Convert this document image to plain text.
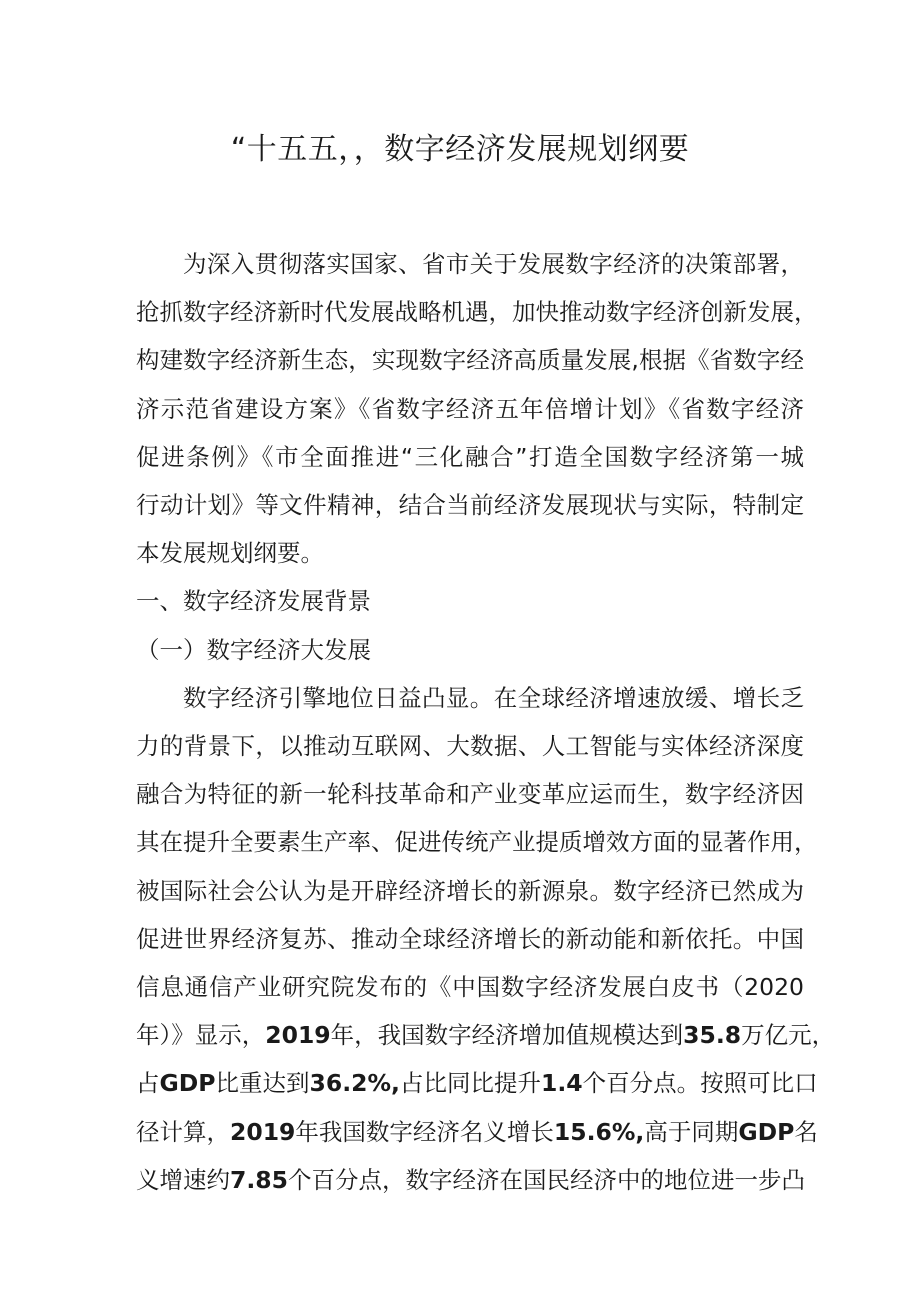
“十五五，，数字经济发展规划纲要

为深入贯彻落实国家、省市关于发展数字经济的决策部署，
抢抓数字经济新时代发展战略机遇，加快推动数字经济创新发展，
构建数字经济新生态，实现数字经济高质量发展,根据《省数字经
济示范省建设方案》《省数字经济五年倍增计划》《省数字经济
促进条例》《市全面推进“三化融合”打造全国数字经济第一城
行动计划》等文件精神，结合当前经济发展现状与实际，特制定
本发展规划纲要。

一、数字经济发展背景

（一）数字经济大发展

数字经济引擎地位日益凸显。在全球经济增速放缓、增长乏
力的背景下，以推动互联网、大数据、人工智能与实体经济深度
融合为特征的新一轮科技革命和产业变革应运而生，数字经济因
其在提升全要素生产率、促进传统产业提质增效方面的显著作用，
被国际社会公认为是开辟经济增长的新源泉。数字经济已然成为
促进世界经济复苏、推动全球经济增长的新动能和新依托。中国
信息通信产业研究院发布的《中国数字经济发展白皮书（2020
年）》显示，2019年，我国数字经济增加值规模达到35.8万亿元，
占GDP比重达到36.2%,占比同比提升1.4个百分点。按照可比口
径计算，2019年我国数字经济名义增长15.6%,高于同期GDP名
义增速约7.85个百分点，数字经济在国民经济中的地位进一步凸
